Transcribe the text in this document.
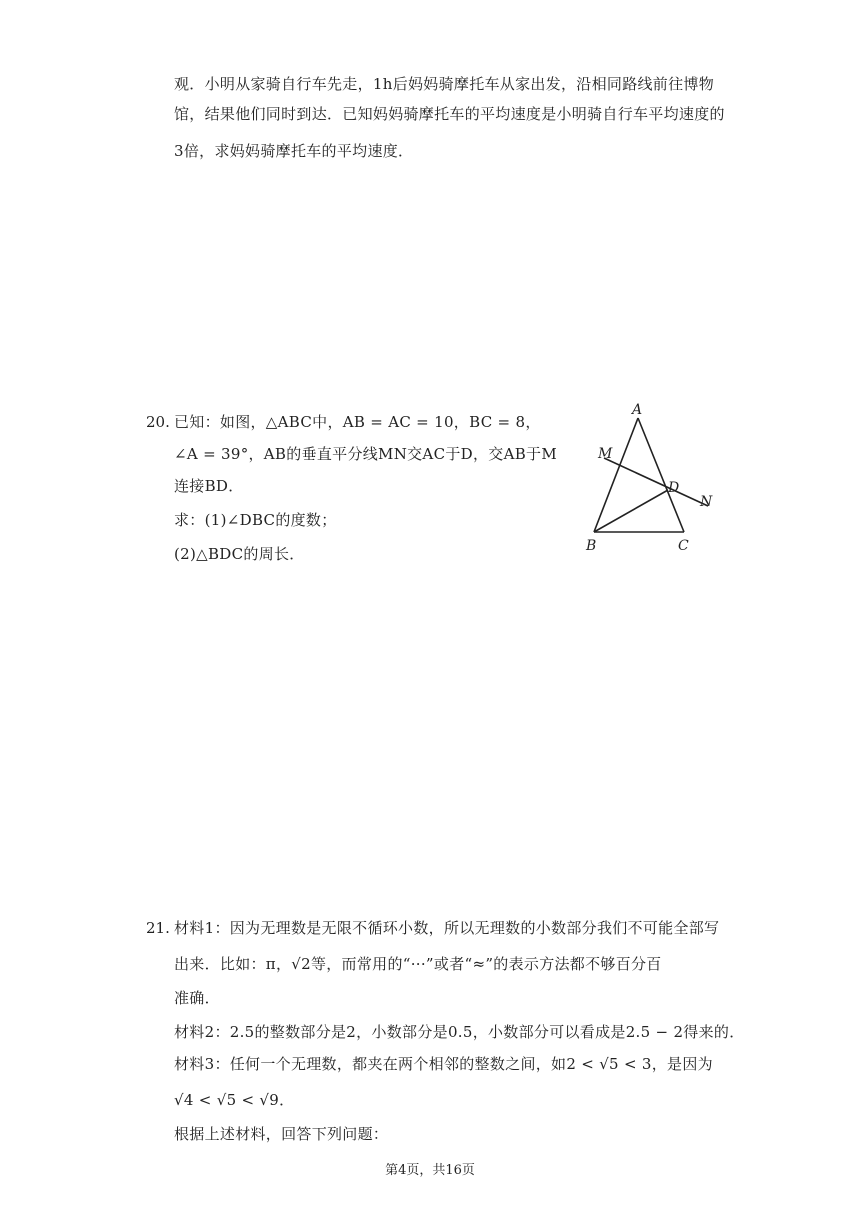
观．小明从家骑自行车先走，1h后妈妈骑摩托车从家出发，沿相同路线前往博物
馆，结果他们同时到达．已知妈妈骑摩托车的平均速度是小明骑自行车平均速度的
3倍，求妈妈骑摩托车的平均速度．
20. 已知：如图，△ABC中，AB = AC = 10，BC = 8，
∠A = 39°，AB的垂直平分线MN交AC于D，交AB于M
连接BD．
求：(1)∠DBC的度数；
(2)△BDC的周长．
A
M
D
N
B	C
21. 材料1：因为无理数是无限不循环小数，所以无理数的小数部分我们不可能全部写
出来．比如：π，√2等，而常用的“···”或者“≈”的表示方法都不够百分百
准确．
材料2：2.5的整数部分是2，小数部分是0.5，小数部分可以看成是2.5 − 2得来的．
材料3：任何一个无理数，都夹在两个相邻的整数之间，如2 < √5 < 3，是因为
√4 < √5 < √9．
根据上述材料，回答下列问题：
第4页，共16页
